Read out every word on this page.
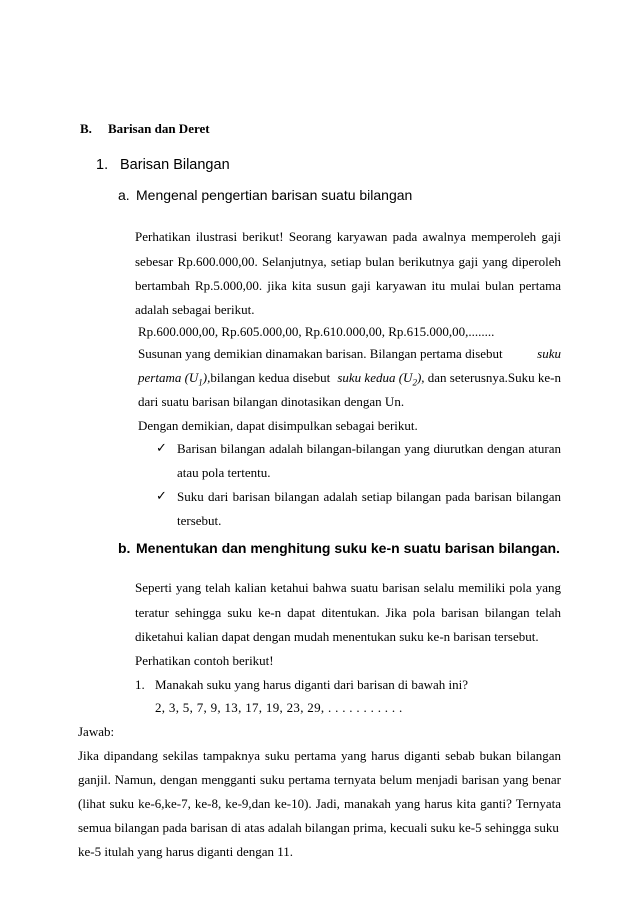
B. Barisan dan Deret
1. Barisan Bilangan
a. Mengenal pengertian barisan suatu bilangan
Perhatikan ilustrasi berikut! Seorang karyawan pada awalnya memperoleh gaji
sebesar Rp.600.000,00. Selanjutnya, setiap bulan berikutnya gaji yang diperoleh
bertambah Rp.5.000,00. jika kita susun gaji karyawan itu mulai bulan pertama
adalah sebagai berikut.
Rp.600.000,00, Rp.605.000,00, Rp.610.000,00, Rp.615.000,00,........
Susunan yang demikian dinamakan barisan. Bilangan pertama disebut	suku
pertama $(U_1),bilangan$ kedua disebut suku kedua $(U_2)$, dan seterusnya.Suku ke-n
dari suatu barisan bilangan dinotasikan dengan Un.
Dengan demikian, dapat disimpulkan sebagai berikut.
✓ Barisan bilangan adalah bilangan-bilangan yang diurutkan dengan aturan
atau pola tertentu.
✓ Suku dari barisan bilangan adalah setiap bilangan pada barisan bilangan
tersebut.
b. Menentukan dan menghitung suku ke-n suatu barisan bilangan.
Seperti yang telah kalian ketahui bahwa suatu barisan selalu memiliki pola yang
teratur sehingga suku ke-n dapat ditentukan. Jika pola barisan bilangan telah
diketahui kalian dapat dengan mudah menentukan suku ke-n barisan tersebut.
Perhatikan contoh berikut!
1. Manakah suku yang harus diganti dari barisan di bawah ini?
2, 3, 5, 7, 9, 13, 17, 19, 23, 29, . . . . . . . . . . .
Jawab:
Jika dipandang sekilas tampaknya suku pertama yang harus diganti sebab bukan bilangan
ganjil. Namun, dengan mengganti suku pertama ternyata belum menjadi barisan yang benar
(lihat suku ke-6,ke-7, ke-8, ke-9,dan ke-10). Jadi, manakah yang harus kita ganti? Ternyata
semua bilangan pada barisan di atas adalah bilangan prima, kecuali suku ke-5 sehingga suku
ke-5 itulah yang harus diganti dengan 11.
